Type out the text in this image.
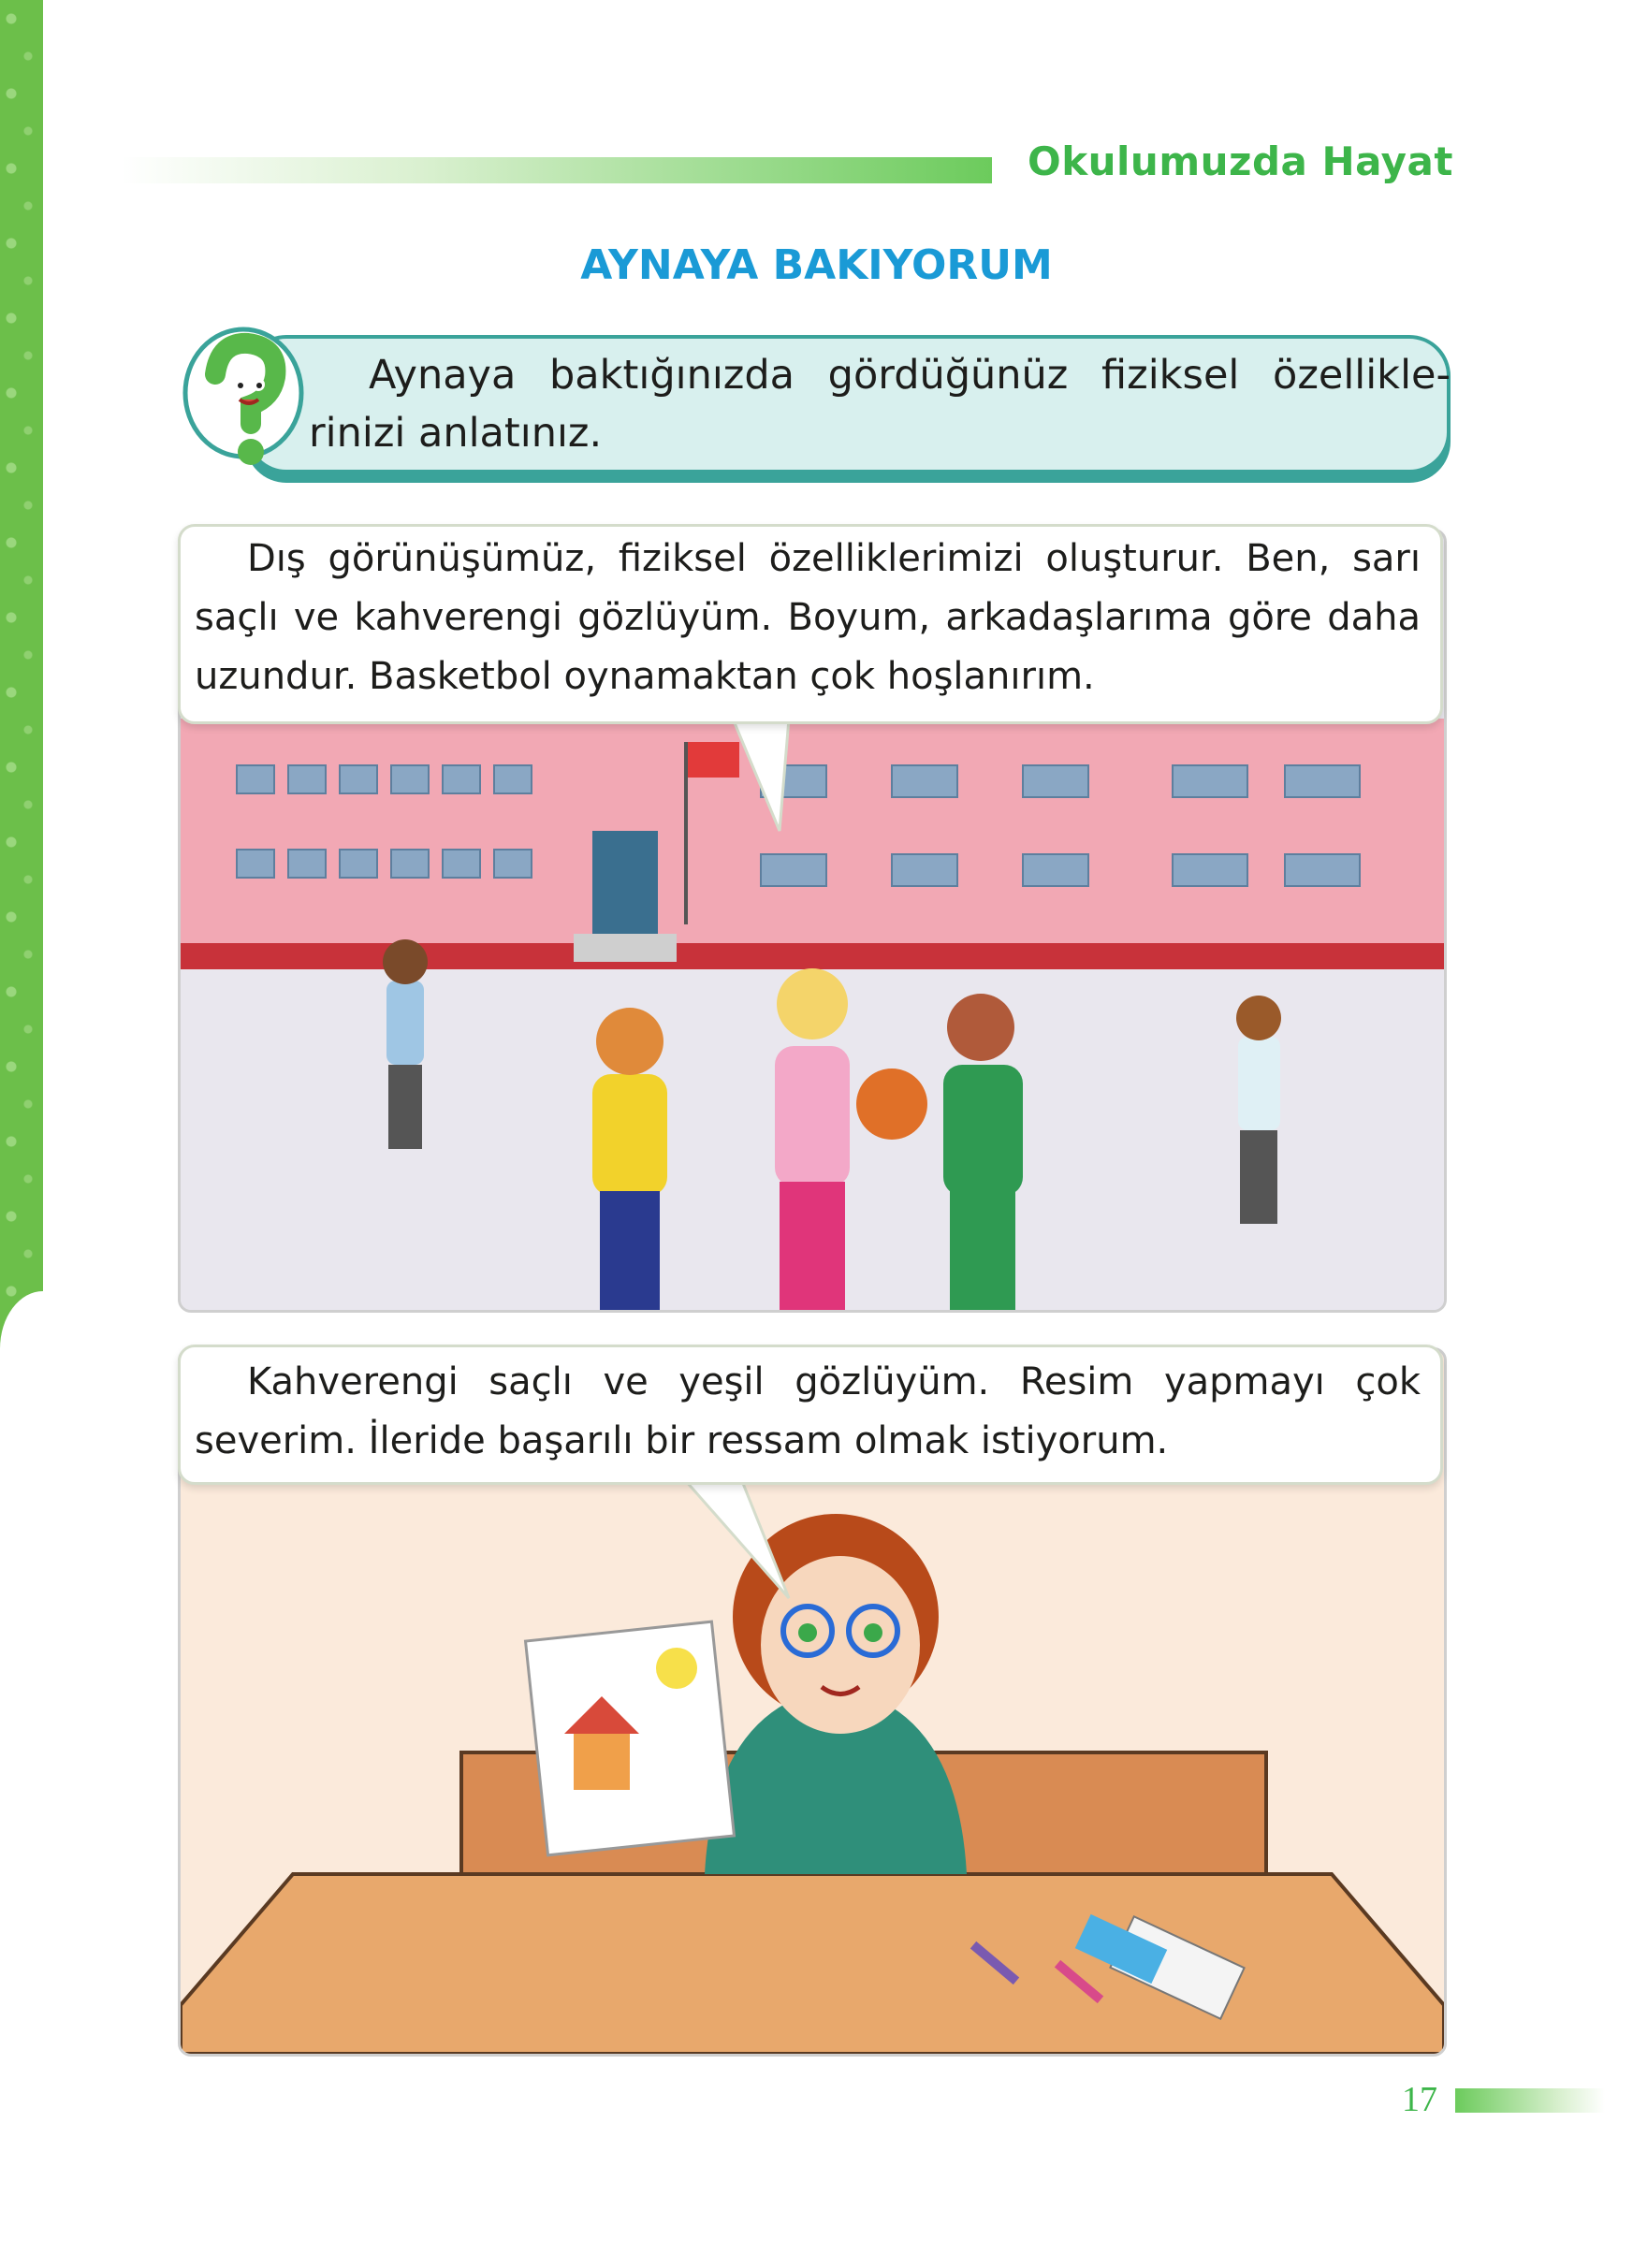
Okulumuzda Hayat
AYNAYA BAKIYORUM
Aynaya baktığınızda gördüğünüz fiziksel özellikle-rinizi anlatınız.
Dış görünüşümüz, fiziksel özelliklerimizi oluşturur. Ben, sarı saçlı ve kahverengi gözlüyüm. Boyum, arkadaşlarıma göre daha uzundur. Basketbol oynamaktan çok hoşlanırım.
Kahverengi saçlı ve yeşil gözlüyüm. Resim yapmayı çok severim. İleride başarılı bir ressam olmak istiyorum.
17
